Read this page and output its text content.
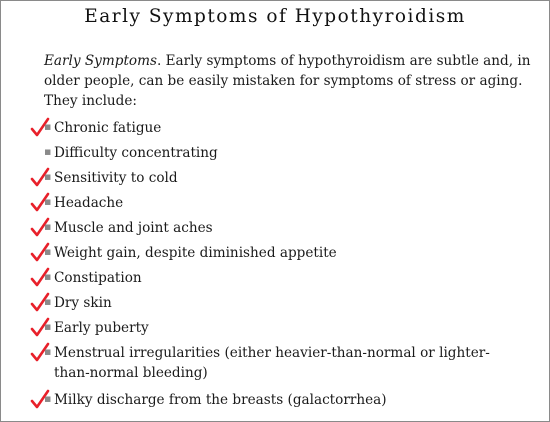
Early Symptoms of Hypothyroidism
Early Symptoms. Early symptoms of hypothyroidism are subtle and, in older people, can be easily mistaken for symptoms of stress or aging. They include:
▪ Chronic fatigue
▪ Difficulty concentrating
▪ Sensitivity to cold
▪ Headache
▪ Muscle and joint aches
▪ Weight gain, despite diminished appetite
▪ Constipation
▪ Dry skin
▪ Early puberty
▪ Menstrual irregularities (either heavier-than-normal or lighter-than-normal bleeding)
▪ Milky discharge from the breasts (galactorrhea)
